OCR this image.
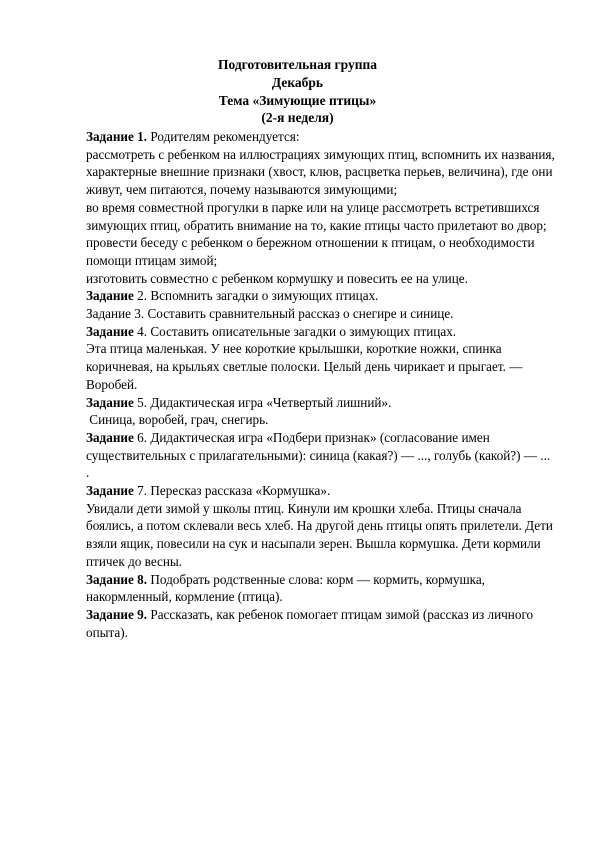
Подготовительная группа
Декабрь
Тема «Зимующие птицы»
(2-я неделя)

Задание 1. Родителям рекомендуется:

рассмотреть с ребенком на иллюстрациях зимующих птиц, вспомнить их названия, характерные внешние признаки (хвост, клюв, расцветка перьев, величина), где они живут, чем питаются, почему называются зимующими;

во время совместной прогулки в парке или на улице рассмотреть встретившихся зимующих птиц, обратить внимание на то, какие птицы часто прилетают во двор;

провести беседу с ребенком о бережном отношении к птицам, о необходимости помощи птицам зимой;

изготовить совместно с ребенком кормушку и повесить ее на улице.

Задание 2. Вспомнить загадки о зимующих птицах.

Задание 3. Составить сравнительный рассказ о снегире и синице.

Задание 4. Составить описательные загадки о зимующих птицах.

Эта птица маленькая. У нее короткие крылышки, короткие ножки, спинка коричневая, на крыльях светлые полоски. Целый день чирикает и прыгает. — Воробей.

Задание 5. Дидактическая игра «Четвертый лишний».

Синица, воробей, грач, снегирь.

Задание 6. Дидактическая игра «Подбери признак» (согласование имен существительных с прилагательными): синица (какая?) — ..., голубь (какой?) — ... .

Задание 7. Пересказ рассказа «Кормушка».

Увидали дети зимой у школы птиц. Кинули им крошки хлеба. Птицы сначала боялись, а потом склевали весь хлеб. На другой день птицы опять прилетели. Дети взяли ящик, повесили на сук и насыпали зерен. Вышла кормушка. Дети кормили птичек до весны.

Задание 8. Подобрать родственные слова: корм — кормить, кормушка, накормленный, кормление (птица).

Задание 9. Рассказать, как ребенок помогает птицам зимой (рассказ из личного опыта).
